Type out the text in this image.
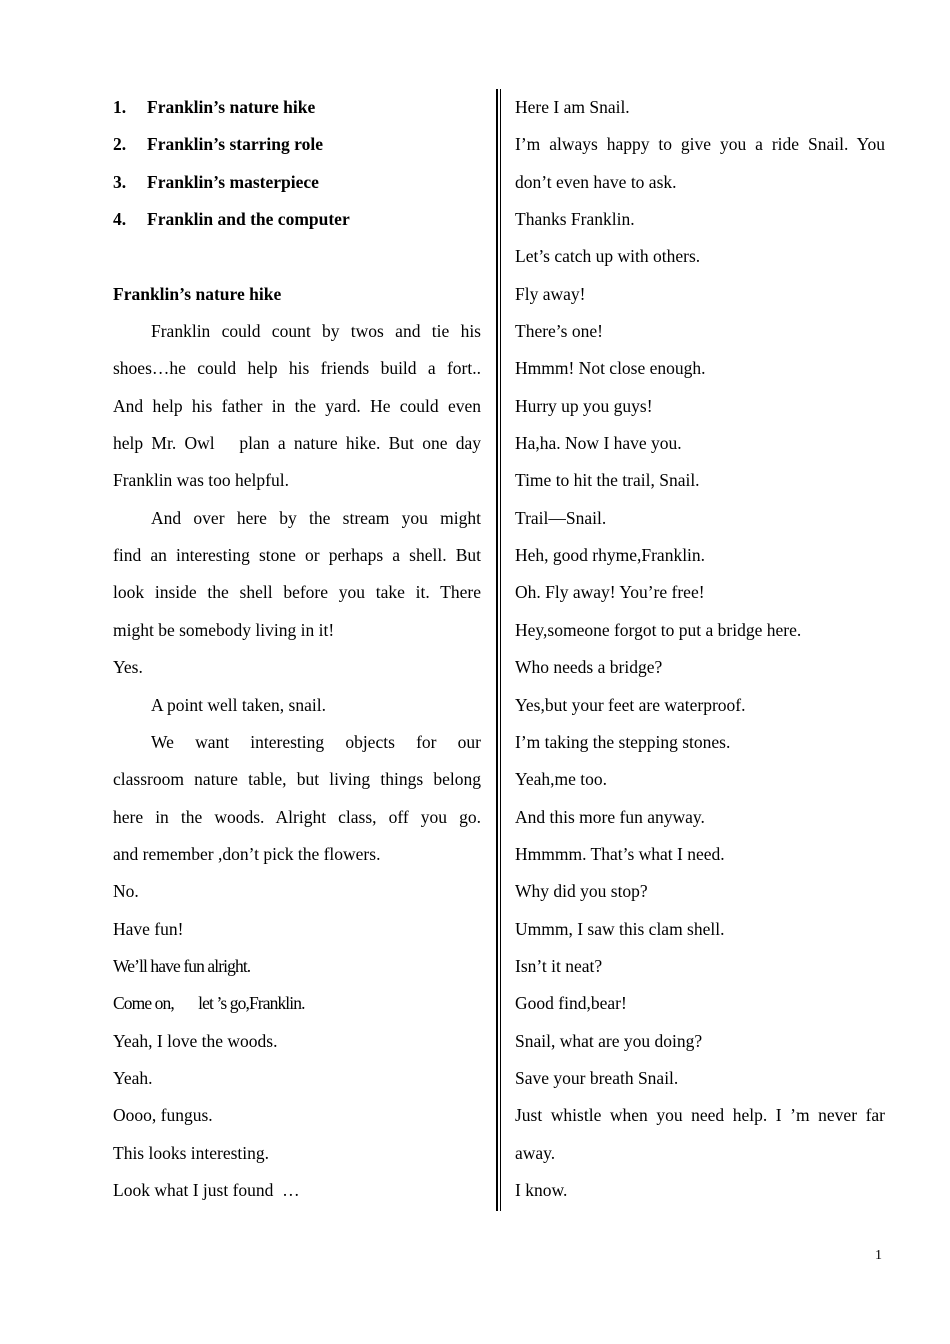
1. Franklin’s nature hike
2. Franklin’s starring role
3. Franklin’s masterpiece
4. Franklin and the computer
Franklin’s nature hike
Franklin could count by twos and tie his
shoes…he could help his friends build a fort..
And help his father in the yard. He could even
help Mr. Owl   plan a nature hike. But one day
Franklin was too helpful.
And over here by the stream you might
find an interesting stone or perhaps a shell. But
look inside the shell before you take it. There
might be somebody living in it!
Yes.
A point well taken, snail.
We want interesting objects for our
classroom nature table, but living things belong
here in the woods. Alright class, off you go.
and remember ,don’t pick the flowers.
No.
Have fun!
We’ll have fun alright.
Come on,       let ’s go,Franklin.
Yeah, I love the woods.
Yeah.
Oooo, fungus.
This looks interesting.
Look what I just found  …
Here I am Snail.
I’m always happy to give you a ride Snail. You
don’t even have to ask.
Thanks Franklin.
Let’s catch up with others.
Fly away!
There’s one!
Hmmm! Not close enough.
Hurry up you guys!
Ha,ha. Now I have you.
Time to hit the trail, Snail.
Trail—Snail.
Heh, good rhyme,Franklin.
Oh. Fly away! You’re free!
Hey,someone forgot to put a bridge here.
Who needs a bridge?
Yes,but your feet are waterproof.
I’m taking the stepping stones.
Yeah,me too.
And this more fun anyway.
Hmmmm. That’s what I need.
Why did you stop?
Ummm, I saw this clam shell.
Isn’t it neat?
Good find,bear!
Snail, what are you doing?
Save your breath Snail.
Just whistle when you need help. I ’m never far
away.
I know.
1
